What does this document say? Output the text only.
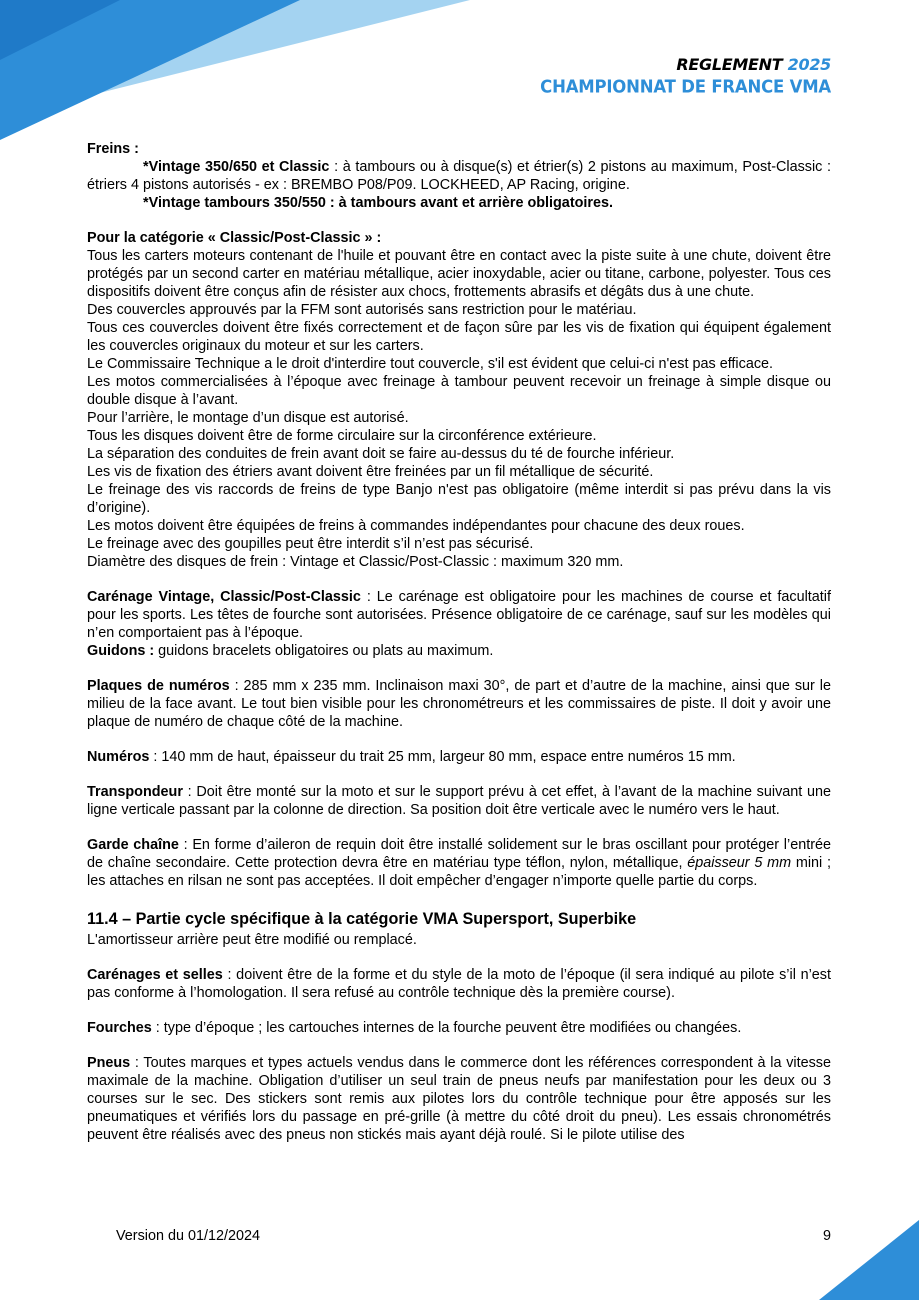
REGLEMENT 2025
CHAMPIONNAT DE FRANCE VMA

Freins :

*Vintage 350/650 et Classic : à tambours ou à disque(s) et étrier(s) 2 pistons au maximum, Post-Classic : étriers 4 pistons autorisés - ex : BREMBO P08/P09. LOCKHEED, AP Racing, origine.

*Vintage tambours 350/550 : à tambours avant et arrière obligatoires.

Pour la catégorie « Classic/Post-Classic » :

Tous les carters moteurs contenant de l'huile et pouvant être en contact avec la piste suite à une chute, doivent être protégés par un second carter en matériau métallique, acier inoxydable, acier ou titane, carbone, polyester. Tous ces dispositifs doivent être conçus afin de résister aux chocs, frottements abrasifs et dégâts dus à une chute.

Des couvercles approuvés par la FFM sont autorisés sans restriction pour le matériau.

Tous ces couvercles doivent être fixés correctement et de façon sûre par les vis de fixation qui équipent également les couvercles originaux du moteur et sur les carters.

Le Commissaire Technique a le droit d'interdire tout couvercle, s'il est évident que celui-ci n'est pas efficace.

Les motos commercialisées à l’époque avec freinage à tambour peuvent recevoir un freinage à simple disque ou double disque à l’avant.

Pour l’arrière, le montage d’un disque est autorisé.

Tous les disques doivent être de forme circulaire sur la circonférence extérieure.

La séparation des conduites de frein avant doit se faire au-dessus du té de fourche inférieur.

Les vis de fixation des étriers avant doivent être freinées par un fil métallique de sécurité.

Le freinage des vis raccords de freins de type Banjo n'est pas obligatoire (même interdit si pas prévu dans la vis d’origine).

Les motos doivent être équipées de freins à commandes indépendantes pour chacune des deux roues.

Le freinage avec des goupilles peut être interdit s’il n’est pas sécurisé.

Diamètre des disques de frein : Vintage et Classic/Post-Classic : maximum 320 mm.

Carénage Vintage, Classic/Post-Classic : Le carénage est obligatoire pour les machines de course et facultatif pour les sports. Les têtes de fourche sont autorisées. Présence obligatoire de ce carénage, sauf sur les modèles qui n’en comportaient pas à l’époque.

Guidons : guidons bracelets obligatoires ou plats au maximum.

Plaques de numéros : 285 mm x 235 mm. Inclinaison maxi 30°, de part et d’autre de la machine, ainsi que sur le milieu de la face avant. Le tout bien visible pour les chronométreurs et les commissaires de piste. Il doit y avoir une plaque de numéro de chaque côté de la machine.

Numéros : 140 mm de haut, épaisseur du trait 25 mm, largeur 80 mm, espace entre numéros 15 mm.

Transpondeur : Doit être monté sur la moto et sur le support prévu à cet effet, à l’avant de la machine suivant une ligne verticale passant par la colonne de direction. Sa position doit être verticale avec le numéro vers le haut.

Garde chaîne : En forme d’aileron de requin doit être installé solidement sur le bras oscillant pour protéger l’entrée de chaîne secondaire. Cette protection devra être en matériau type téflon, nylon, métallique, épaisseur 5 mm mini ; les attaches en rilsan ne sont pas acceptées. Il doit empêcher d’engager n’importe quelle partie du corps.

11.4 – Partie cycle spécifique à la catégorie VMA Supersport, Superbike

L'amortisseur arrière peut être modifié ou remplacé.

Carénages et selles : doivent être de la forme et du style de la moto de l’époque (il sera indiqué au pilote s’il n’est pas conforme à l’homologation. Il sera refusé au contrôle technique dès la première course).

Fourches : type d’époque ; les cartouches internes de la fourche peuvent être modifiées ou changées.

Pneus : Toutes marques et types actuels vendus dans le commerce dont les références correspondent à la vitesse maximale de la machine. Obligation d’utiliser un seul train de pneus neufs par manifestation pour les deux ou 3 courses sur le sec. Des stickers sont remis aux pilotes lors du contrôle technique pour être apposés sur les pneumatiques et vérifiés lors du passage en pré-grille (à mettre du côté droit du pneu). Les essais chronométrés peuvent être réalisés avec des pneus non stickés mais ayant déjà roulé. Si le pilote utilise des

Version du 01/12/2024	9
